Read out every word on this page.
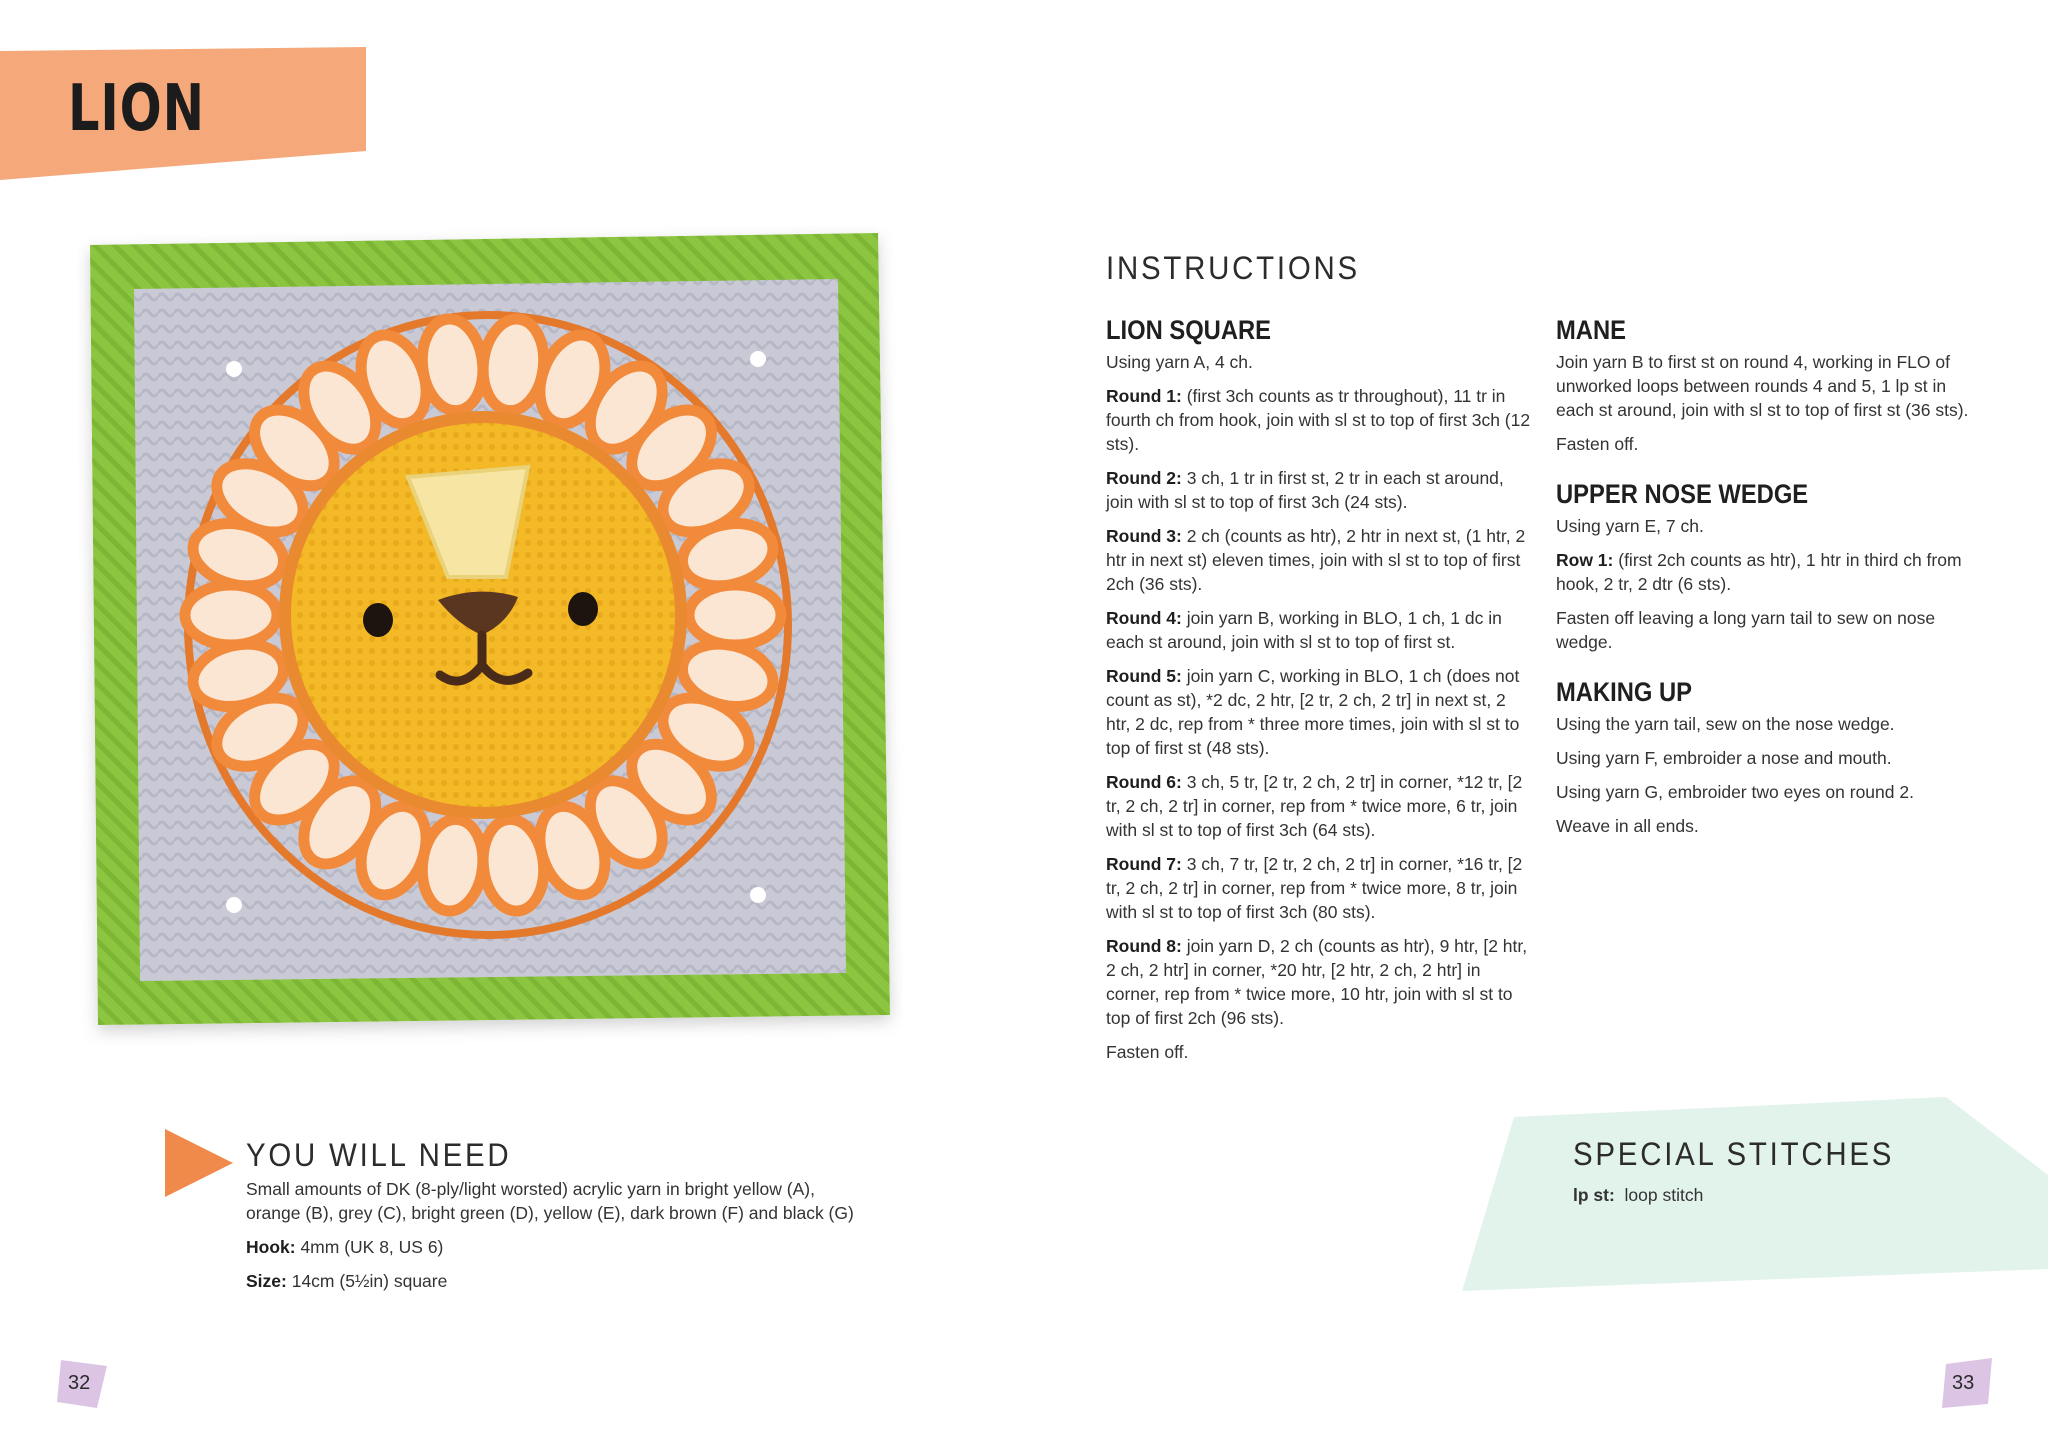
LION
INSTRUCTIONS
LION SQUARE

Using yarn A, 4 ch.

Round 1: (first 3ch counts as tr throughout), 11 tr in fourth ch from hook, join with sl st to top of first 3ch (12 sts).

Round 2: 3 ch, 1 tr in first st, 2 tr in each st around, join with sl st to top of first 3ch (24 sts).

Round 3: 2 ch (counts as htr), 2 htr in next st, (1 htr, 2 htr in next st) eleven times, join with sl st to top of first 2ch (36 sts).

Round 4: join yarn B, working in BLO, 1 ch, 1 dc in each st around, join with sl st to top of first st.

Round 5: join yarn C, working in BLO, 1 ch (does not count as st), *2 dc, 2 htr, [2 tr, 2 ch, 2 tr] in next st, 2 htr, 2 dc, rep from * three more times, join with sl st to top of first st (48 sts).

Round 6: 3 ch, 5 tr, [2 tr, 2 ch, 2 tr] in corner, *12 tr, [2 tr, 2 ch, 2 tr] in corner, rep from * twice more, 6 tr, join with sl st to top of first 3ch (64 sts).

Round 7: 3 ch, 7 tr, [2 tr, 2 ch, 2 tr] in corner, *16 tr, [2 tr, 2 ch, 2 tr] in corner, rep from * twice more, 8 tr, join with sl st to top of first 3ch (80 sts).

Round 8: join yarn D, 2 ch (counts as htr), 9 htr, [2 htr, 2 ch, 2 htr] in corner, *20 htr, [2 htr, 2 ch, 2 htr] in corner, rep from * twice more, 10 htr, join with sl st to top of first 2ch (96 sts).

Fasten off.

MANE

Join yarn B to first st on round 4, working in FLO of unworked loops between rounds 4 and 5, 1 lp st in each st around, join with sl st to top of first st (36 sts).

Fasten off.

UPPER NOSE WEDGE

Using yarn E, 7 ch.

Row 1: (first 2ch counts as htr), 1 htr in third ch from hook, 2 tr, 2 dtr (6 sts).

Fasten off leaving a long yarn tail to sew on nose wedge.

MAKING UP

Using the yarn tail, sew on the nose wedge.

Using yarn F, embroider a nose and mouth.

Using yarn G, embroider two eyes on round 2.

Weave in all ends.

YOU WILL NEED

Small amounts of DK (8-ply/light worsted) acrylic yarn in bright yellow (A), orange (B), grey (C), bright green (D), yellow (E), dark brown (F) and black (G)

Hook: 4mm (UK 8, US 6)

Size: 14cm (5½in) square

SPECIAL STITCHES
lp st:  loop stitch
32	33
